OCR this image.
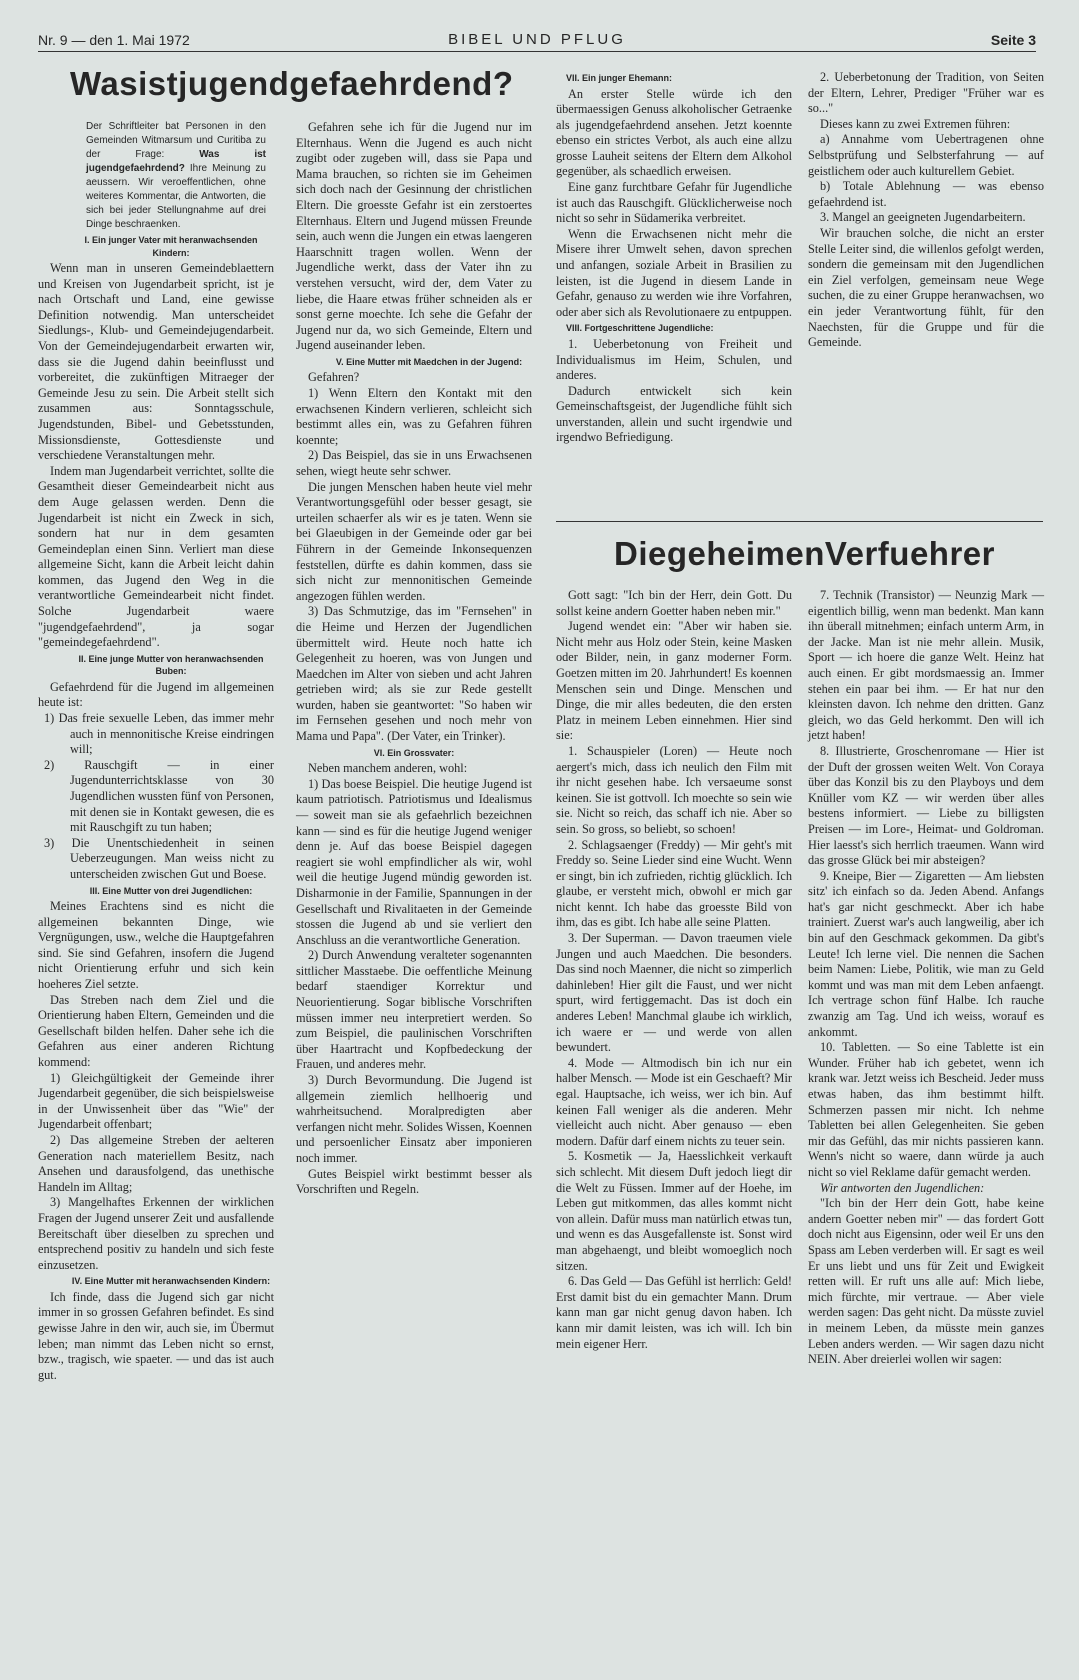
Nr. 9 — den 1. Mai 1972	BIBEL UND PFLUG	Seite 3
Was ist jugendgefaehrdend?
Der Schriftleiter bat Personen in den Gemeinden Witmarsum und Curitiba zu der Frage:	Was ist jugendgefaehrdend? Ihre Meinung zu aeussern. Wir veroeffentlichen, ohne weiteres Kommentar, die Antworten, die sich bei jeder Stellungnahme auf drei Dinge beschraenken.
I. Ein junger Vater mit heranwachsenden Kindern:

Wenn man in unseren Gemeindeblaettern und Kreisen von Jugendarbeit spricht, ist je nach Ortschaft und Land, eine gewisse Definition notwendig. Man unterscheidet Siedlungs-, Klub- und Gemeindejugendarbeit. Von der Gemeindejugendarbeit erwarten wir, dass sie die Jugend dahin beeinflusst und vorbereitet, die zukünftigen Mitraeger der Gemeinde Jesu zu sein. Die Arbeit stellt sich zusammen aus: Sonntagsschule, Jugendstunden, Bibel- und Gebetsstunden, Missionsdienste, Gottesdienste und verschiedene Veranstaltungen mehr.

Indem man Jugendarbeit verrichtet, sollte die Gesamtheit dieser Gemeindearbeit nicht aus dem Auge gelassen werden. Denn die Jugendarbeit ist nicht ein Zweck in sich, sondern hat nur in dem gesamten Gemeindeplan einen Sinn. Verliert man diese allgemeine Sicht, kann die Arbeit leicht dahin kommen, das Jugend den Weg in die verantwortliche Gemeindearbeit nicht findet. Solche Jugendarbeit waere "jugendgefaehrdend", ja sogar "gemeindegefaehrdend".

II. Eine junge Mutter von heranwachsenden Buben:

Gefaehrdend für die Jugend im allgemeinen heute ist:

1) Das freie sexuelle Leben, das immer mehr auch in mennonitische Kreise eindringen will;

2) Rauschgift — in einer Jugendunterrichtsklasse von 30 Jugendlichen wussten fünf von Personen, mit denen sie in Kontakt gewesen, die es mit Rauschgift zu tun haben;

3) Die Unentschiedenheit in seinen Ueberzeugungen. Man weiss nicht zu unterscheiden zwischen Gut und Boese.

III. Eine Mutter von drei Jugendlichen:

Meines Erachtens sind es nicht die allgemeinen bekannten Dinge, wie Vergnügungen, usw., welche die Hauptgefahren sind. Sie sind Gefahren, insofern die Jugend nicht Orientierung erfuhr und sich kein hoeheres Ziel setzte.

Das Streben nach dem Ziel und die Orientierung haben Eltern, Gemeinden und die Gesellschaft bilden helfen. Daher sehe ich die Gefahren aus einer anderen Richtung kommend:

1) Gleichgültigkeit der Gemeinde ihrer Jugendarbeit gegenüber, die sich beispielsweise in der Unwissenheit über das "Wie" der Jugendarbeit offenbart;

2) Das allgemeine Streben der aelteren Generation nach materiellem Besitz, nach Ansehen und darausfolgend, das unethische Handeln im Alltag;

3) Mangelhaftes Erkennen der wirklichen Fragen der Jugend unserer Zeit und ausfallende Bereitschaft über dieselben zu sprechen und entsprechend positiv zu handeln und sich feste einzusetzen.

IV. Eine Mutter mit heranwachsenden Kindern:

Ich finde, dass die Jugend sich gar nicht immer in so grossen Gefahren befindet. Es sind gewisse Jahre in den wir, auch sie, im Übermut leben; man nimmt das Leben nicht so ernst, bzw., tragisch, wie spaeter. — und das ist auch gut.

Gefahren sehe ich für die Jugend nur im Elternhaus. Wenn die Jugend es auch nicht zugibt oder zugeben will, dass sie Papa und Mama brauchen, so richten sie im Geheimen sich doch nach der Gesinnung der christlichen Eltern. Die groesste Gefahr ist ein zerstoertes Elternhaus. Eltern und Jugend müssen Freunde sein, auch wenn die Jungen ein etwas laengeren Haarschnitt tragen wollen. Wenn der Jugendliche werkt, dass der Vater ihn zu verstehen versucht, wird der, dem Vater zu liebe, die Haare etwas früher schneiden als er sonst gerne moechte. Ich sehe die Gefahr der Jugend nur da, wo sich Gemeinde, Eltern und Jugend auseinander leben.

V. Eine Mutter mit Maedchen in der Jugend:

Gefahren?

1) Wenn Eltern den Kontakt mit den erwachsenen Kindern verlieren, schleicht sich bestimmt alles ein, was zu Gefahren führen koennte;

2) Das Beispiel, das sie in uns Erwachsenen sehen, wiegt heute sehr schwer.

Die jungen Menschen haben heute viel mehr Verantwortungsgefühl oder besser gesagt, sie urteilen schaerfer als wir es je taten. Wenn sie bei Glaeubigen in der Gemeinde oder gar bei Führern in der Gemeinde Inkonsequenzen feststellen, dürfte es dahin kommen, dass sie sich nicht zur mennonitischen Gemeinde angezogen fühlen werden.

3) Das Schmutzige, das im "Fernsehen" in die Heime und Herzen der Jugendlichen übermittelt wird. Heute noch hatte ich Gelegenheit zu hoeren, was von Jungen und Maedchen im Alter von sieben und acht Jahren getrieben wird; als sie zur Rede gestellt wurden, haben sie geantwortet: "So haben wir im Fernsehen gesehen und noch mehr von Mama und Papa". (Der Vater, ein Trinker).

VI. Ein Grossvater:

Neben manchem anderen, wohl:

1) Das boese Beispiel. Die heutige Jugend ist kaum patriotisch. Patriotismus und Idealismus — soweit man sie als gefaehrlich bezeichnen kann — sind es für die heutige Jugend weniger denn je. Auf das boese Beispiel dagegen reagiert sie wohl empfindlicher als wir, wohl weil die heutige Jugend mündig geworden ist. Disharmonie in der Familie, Spannungen in der Gesellschaft und Rivalitaeten in der Gemeinde stossen die Jugend ab und sie verliert den Anschluss an die verantwortliche Generation.

2) Durch Anwendung veralteter sogenannten sittlicher Masstaebe. Die oeffentliche Meinung bedarf staendiger Korrektur und Neuorientierung. Sogar biblische Vorschriften müssen immer neu interpretiert werden. So zum Beispiel, die paulinischen Vorschriften über Haartracht und Kopfbedeckung der Frauen, und anderes mehr.

3) Durch Bevormundung. Die Jugend ist allgemein ziemlich hellhoerig und wahrheitsuchend. Moralpredigten aber verfangen nicht mehr. Solides Wissen, Koennen und persoenlicher Einsatz aber imponieren noch immer.

Gutes Beispiel wirkt bestimmt besser als Vorschriften und Regeln.

VII. Ein junger Ehemann:

An erster Stelle würde ich den übermaessigen Genuss alkoholischer Getraenke als jugendgefaehrdend ansehen. Jetzt koennte ebenso ein strictes Verbot, als auch eine allzu grosse Lauheit seitens der Eltern dem Alkohol gegenüber, als schaedlich erweisen.

Eine ganz furchtbare Gefahr für Jugendliche ist auch das Rauschgift. Glücklicherweise noch nicht so sehr in Südamerika verbreitet.

Wenn die Erwachsenen nicht mehr die Misere ihrer Umwelt sehen, davon sprechen und anfangen, soziale Arbeit in Brasilien zu leisten, ist die Jugend in diesem Lande in Gefahr, genauso zu werden wie ihre Vorfahren, oder aber sich als Revolutionaere zu entpuppen.

VIII. Fortgeschrittene Jugendliche:

1. Ueberbetonung von Freiheit und Individualismus im Heim, Schulen, und anderes.

Dadurch entwickelt sich kein Gemeinschaftsgeist, der Jugendliche fühlt sich unverstanden, allein und sucht irgendwie und irgendwo Befriedigung.

2. Ueberbetonung der Tradition, von Seiten der Eltern, Lehrer, Prediger "Früher war es so..."

Dieses kann zu zwei Extremen führen:

a) Annahme vom Uebertragenen ohne Selbstprüfung und Selbsterfahrung — auf geistlichem oder auch kulturellem Gebiet.

b) Totale Ablehnung — was ebenso gefaehrdend ist.

3. Mangel an geeigneten Jugendarbeitern.

Wir brauchen solche, die nicht an erster Stelle Leiter sind, die willenlos gefolgt werden, sondern die gemeinsam mit den Jugendlichen ein Ziel verfolgen, gemeinsam neue Wege suchen, die zu einer Gruppe heranwachsen, wo ein jeder Verantwortung fühlt, für den Naechsten, für die Gruppe und für die Gemeinde.

Die geheimen Verfuehrer

Gott sagt: "Ich bin der Herr, dein Gott. Du sollst keine andern Goetter haben neben mir."

Jugend wendet ein: "Aber wir haben sie. Nicht mehr aus Holz oder Stein, keine Masken oder Bilder, nein, in ganz moderner Form. Goetzen mitten im 20. Jahrhundert! Es koennen Menschen sein und Dinge. Menschen und Dinge, die mir alles bedeuten, die den ersten Platz in meinem Leben einnehmen. Hier sind sie:

1. Schauspieler (Loren) — Heute noch aergert's mich, dass ich neulich den Film mit ihr nicht gesehen habe. Ich versaeume sonst keinen. Sie ist gottvoll. Ich moechte so sein wie sie. Nicht so reich, das schaff ich nie. Aber so sein. So gross, so beliebt, so schoen!

2. Schlagsaenger (Freddy) — Mir geht's mit Freddy so. Seine Lieder sind eine Wucht. Wenn er singt, bin ich zufrieden, richtig glücklich. Ich glaube, er versteht mich, obwohl er mich gar nicht kennt. Ich habe das groesste Bild von ihm, das es gibt. Ich habe alle seine Platten.

3. Der Superman. — Davon traeumen viele Jungen und auch Maedchen. Die besonders. Das sind noch Maenner, die nicht so zimperlich dahinleben! Hier gilt die Faust, und wer nicht spurt, wird fertiggemacht. Das ist doch ein anderes Leben! Manchmal glaube ich wirklich, ich waere er — und werde von allen bewundert.

4. Mode — Altmodisch bin ich nur ein halber Mensch. — Mode ist ein Geschaeft? Mir egal. Hauptsache, ich weiss, wer ich bin. Auf keinen Fall weniger als die anderen. Mehr vielleicht auch nicht. Aber genauso — eben modern. Dafür darf einem nichts zu teuer sein.

5. Kosmetik — Ja, Haesslichkeit verkauft sich schlecht. Mit diesem Duft jedoch liegt dir die Welt zu Füssen. Immer auf der Hoehe, im Leben gut mitkommen, das alles kommt nicht von allein. Dafür muss man natürlich etwas tun, und wenn es das Ausgefallenste ist. Sonst wird man abgehaengt, und bleibt womoeglich noch sitzen.

6. Das Geld — Das Gefühl ist herrlich: Geld! Erst damit bist du ein gemachter Mann. Drum kann man gar nicht genug davon haben. Ich kann mir damit leisten, was ich will. Ich bin mein eigener Herr.

7. Technik (Transistor) — Neunzig Mark — eigentlich billig, wenn man bedenkt. Man kann ihn überall mitnehmen; einfach unterm Arm, in der Jacke. Man ist nie mehr allein. Musik, Sport — ich hoere die ganze Welt. Heinz hat auch einen. Er gibt mordsmaessig an. Immer stehen ein paar bei ihm. — Er hat nur den kleinsten davon. Ich nehme den dritten. Ganz gleich, wo das Geld herkommt. Den will ich jetzt haben!

8. Illustrierte, Groschenromane — Hier ist der Duft der grossen weiten Welt. Von Coraya über das Konzil bis zu den Playboys und dem Knüller vom KZ — wir werden über alles bestens informiert. — Liebe zu billigsten Preisen — im Lore-, Heimat- und Goldroman. Hier laesst's sich herrlich traeumen. Wann wird das grosse Glück bei mir absteigen?

9. Kneipe, Bier — Zigaretten — Am liebsten sitz' ich einfach so da. Jeden Abend. Anfangs hat's gar nicht geschmeckt. Aber ich habe trainiert. Zuerst war's auch langweilig, aber ich bin auf den Geschmack gekommen. Da gibt's Leute! Ich lerne viel. Die nennen die Sachen beim Namen: Liebe, Politik, wie man zu Geld kommt und was man mit dem Leben anfaengt. Ich vertrage schon fünf Halbe. Ich rauche zwanzig am Tag. Und ich weiss, worauf es ankommt.

10. Tabletten. — So eine Tablette ist ein Wunder. Früher hab ich gebetet, wenn ich krank war. Jetzt weiss ich Bescheid. Jeder muss etwas haben, das ihm bestimmt hilft. Schmerzen passen mir nicht. Ich nehme Tabletten bei allen Gelegenheiten. Sie geben mir das Gefühl, das mir nichts passieren kann. Wenn's nicht so waere, dann würde ja auch nicht so viel Reklame dafür gemacht werden.

Wir antworten den Jugendlichen:

"Ich bin der Herr dein Gott, habe keine andern Goetter neben mir" — das fordert Gott doch nicht aus Eigensinn, oder weil Er uns den Spass am Leben verderben will. Er sagt es weil Er uns liebt und uns für Zeit und Ewigkeit retten will. Er ruft uns alle auf: Mich liebe, mich fürchte, mir vertraue. — Aber viele werden sagen: Das geht nicht. Da müsste zuviel in meinem Leben, da müsste mein ganzes Leben anders werden. — Wir sagen dazu nicht NEIN. Aber dreierlei wollen wir sagen:
